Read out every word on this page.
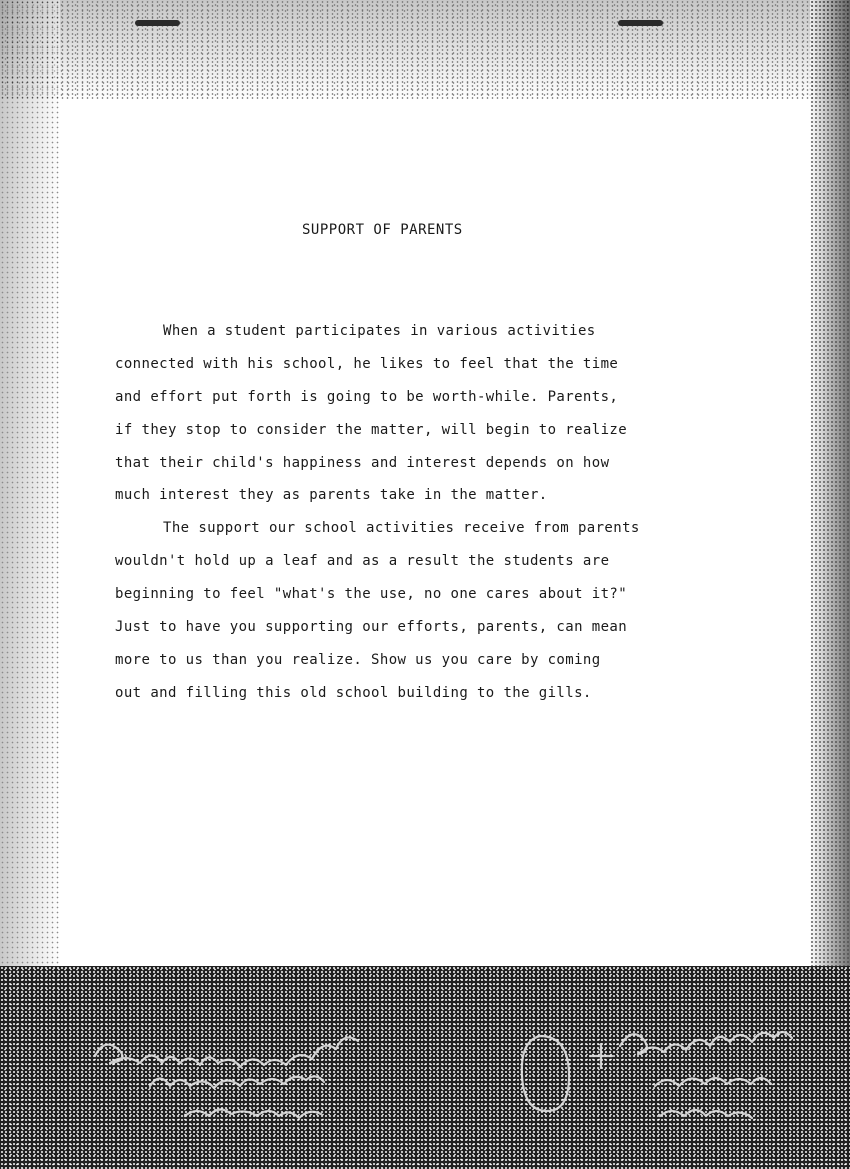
SUPPORT OF PARENTS
When a student participates in various activities
connected with his school, he likes to feel that the time
and effort put forth is going to be worth-while. Parents,
if they stop to consider the matter, will begin to realize
that their child's happiness and interest depends on how
much interest they as parents take in the matter.
The support our school activities receive from parents
wouldn't hold up a leaf and as a result the students are
beginning to feel "what's the use, no one cares about it?"
Just to have you supporting our efforts, parents, can mean
more to us than you realize. Show us you care by coming
out and filling this old school building to the gills.
